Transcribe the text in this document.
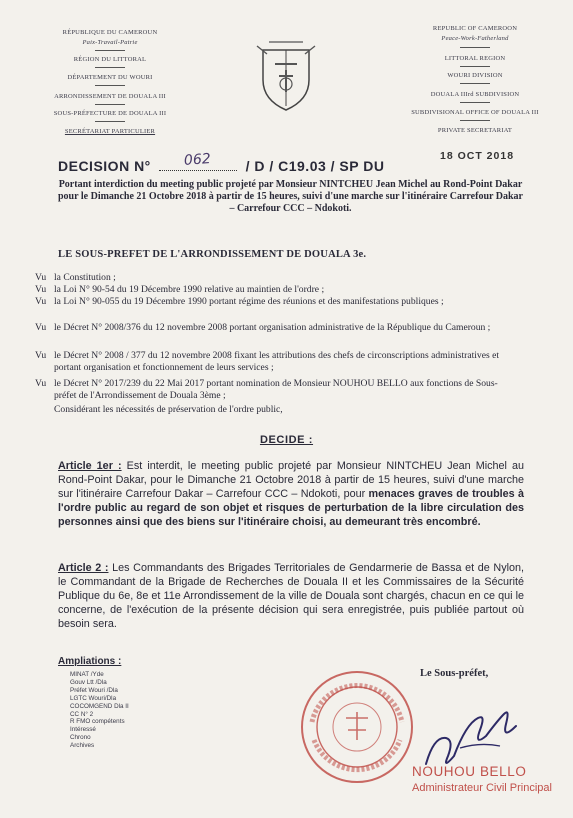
RÉPUBLIQUE DU CAMEROUN
Paix-Travail-Patrie
RÉGION DU LITTORAL
DÉPARTEMENT DU WOURI
ARRONDISSEMENT DE DOUALA III
SOUS-PRÉFECTURE DE DOUALA III
SECRÉTARIAT PARTICULIER
REPUBLIC OF CAMEROON
Peace-Work-Fatherland
LITTORAL REGION
WOURI DIVISION
DOUALA IIIrd SUBDIVISION
SUBDIVISIONAL OFFICE OF DOUALA III
PRIVATE SECRETARIAT
DECISION N°	/ D / C19.03 / SP DU
062	18 OCT 2018
Portant interdiction du meeting public projeté par Monsieur NINTCHEU Jean Michel au Rond-Point Dakar pour le Dimanche 21 Octobre 2018 à partir de 15 heures, suivi d'une marche sur l'itinéraire Carrefour Dakar – Carrefour CCC – Ndokoti.
LE SOUS-PREFET DE L'ARRONDISSEMENT DE DOUALA 3e.
Vu la Constitution ;
Vu la Loi N° 90-54 du 19 Décembre 1990 relative au maintien de l'ordre ;
Vu la Loi N° 90-055 du 19 Décembre 1990 portant régime des réunions et des manifestations publiques ;
Vu le Décret N° 2008/376 du 12 novembre 2008 portant organisation administrative de la République du Cameroun ;
Vu le Décret N° 2008 / 377 du 12 novembre 2008 fixant les attributions des chefs de circonscriptions administratives et portant organisation et fonctionnement de leurs services ;
Vu le Décret N° 2017/239 du 22 Mai 2017 portant nomination de Monsieur NOUHOU BELLO aux fonctions de Sous-préfet de l'Arrondissement de Douala 3ème ;
Considérant les nécessités de préservation de l'ordre public,
DECIDE :
Article 1er : Est interdit, le meeting public projeté par Monsieur NINTCHEU Jean Michel au Rond-Point Dakar, pour le Dimanche 21 Octobre 2018 à partir de 15 heures, suivi d'une marche sur l'itinéraire Carrefour Dakar – Carrefour CCC – Ndokoti, pour menaces graves de troubles à l'ordre public au regard de son objet et risques de perturbation de la libre circulation des personnes ainsi que des biens sur l'itinéraire choisi, au demeurant très encombré.
Article 2 : Les Commandants des Brigades Territoriales de Gendarmerie de Bassa et de Nylon, le Commandant de la Brigade de Recherches de Douala II et les Commissaires de la Sécurité Publique du 6e, 8e et 11e Arrondissement de la ville de Douala sont chargés, chacun en ce qui le concerne, de l'exécution de la présente décision qui sera enregistrée, puis publiée partout où besoin sera.
Ampliations :
MINAT /Yde
Gouv Ltt /Dla
Préfet Wouri /Dla
LGTC Wouri/Dla
COCOMGEND Dla II
CC N° 2
R FMO compétents
Intéressé
Chrono
Archives
Le Sous-préfet,
NOUHOU BELLO
Administrateur Civil Principal
